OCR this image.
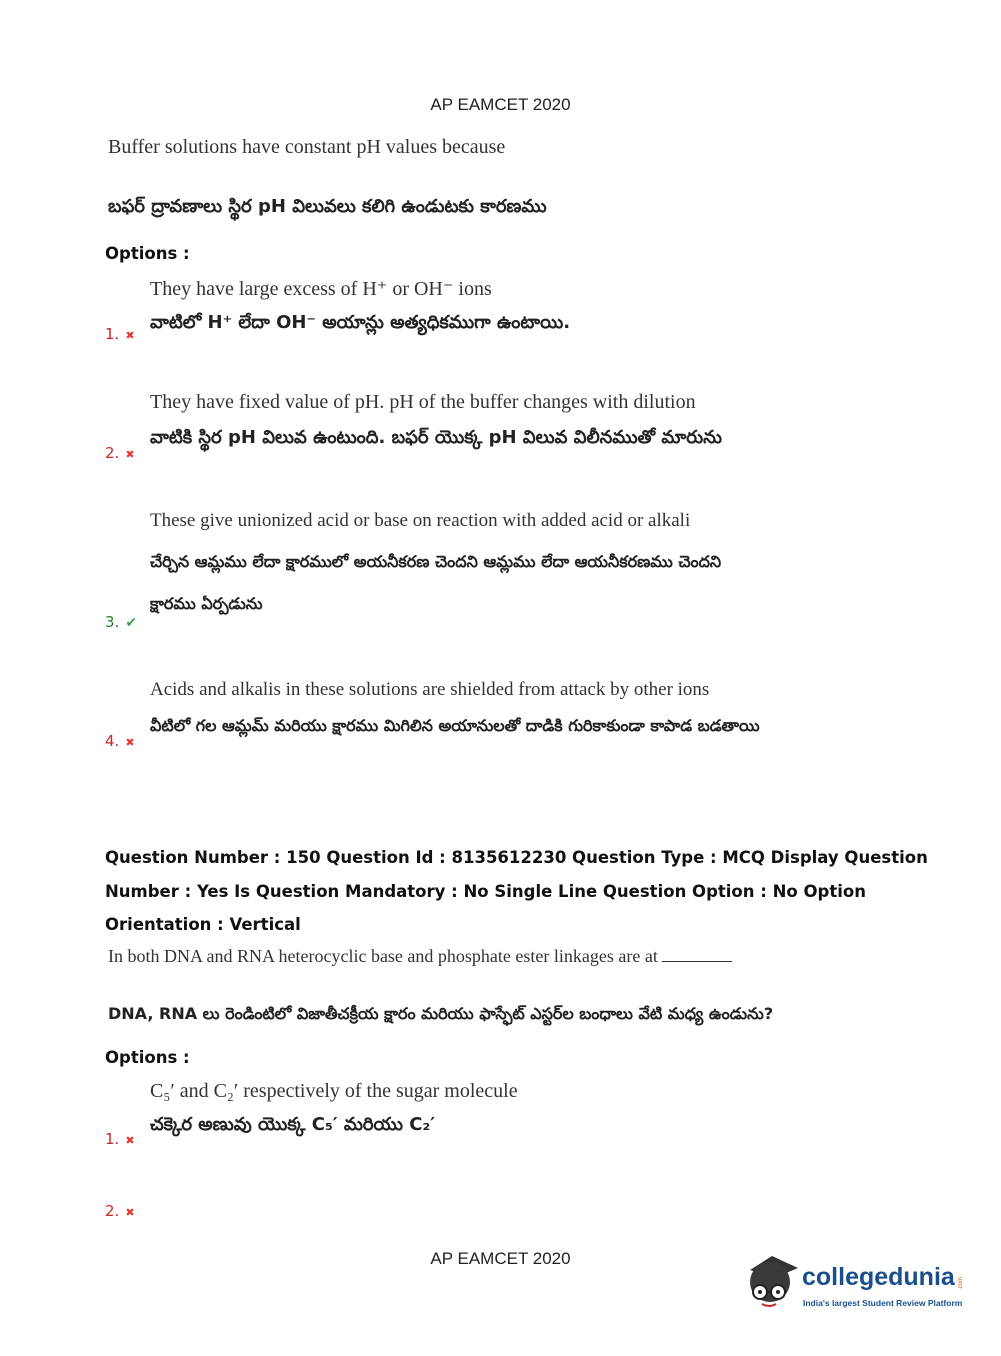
AP EAMCET 2020
Buffer solutions have constant pH values because
బఫర్ ద్రావణాలు స్థిర pH విలువలు కలిగి ఉండుటకు కారణము
Options :
They have large excess of H⁺ or OH⁻ ions
వాటిలో H⁺ లేదా OH⁻ అయాన్లు అత్యధికముగా ఉంటాయి.
1. ✖
They have fixed value of pH. pH of the buffer changes with dilution
వాటికి స్థిర pH విలువ ఉంటుంది. బఫర్ యొక్క pH విలువ విలీనముతో మారును
2. ✖
These give unionized acid or base on reaction with added acid or alkali
చేర్చిన ఆమ్లము లేదా క్షారములో అయనీకరణ చెందని ఆమ్లము లేదా ఆయనీకరణము చెందని
క్షారము ఏర్పడును
3. ✔
Acids and alkalis in these solutions are shielded from attack by other ions
వీటిలో గల ఆమ్లమ్ మరియు క్షారము మిగిలిన అయానులతో దాడికి గురికాకుండా కాపాడ బడతాయి
4. ✖
Question Number : 150 Question Id : 8135612230 Question Type : MCQ Display Question
Number : Yes Is Question Mandatory : No Single Line Question Option : No Option
Orientation : Vertical
In both DNA and RNA heterocyclic base and phosphate ester linkages are at
DNA, RNA లు రెండింటిలో విజాతీచక్రీయ క్షారం మరియు ఫాస్ఫేట్ ఎస్టర్‌ల బంధాలు వేటి మధ్య ఉండును?
Options :
C₅′ and C₂′ respectively of the sugar molecule
చక్కెర అణువు యొక్క C₅′ మరియు C₂′
1. ✖
2. ✖
AP EAMCET 2020
collegedunia .com
India's largest Student Review Platform
